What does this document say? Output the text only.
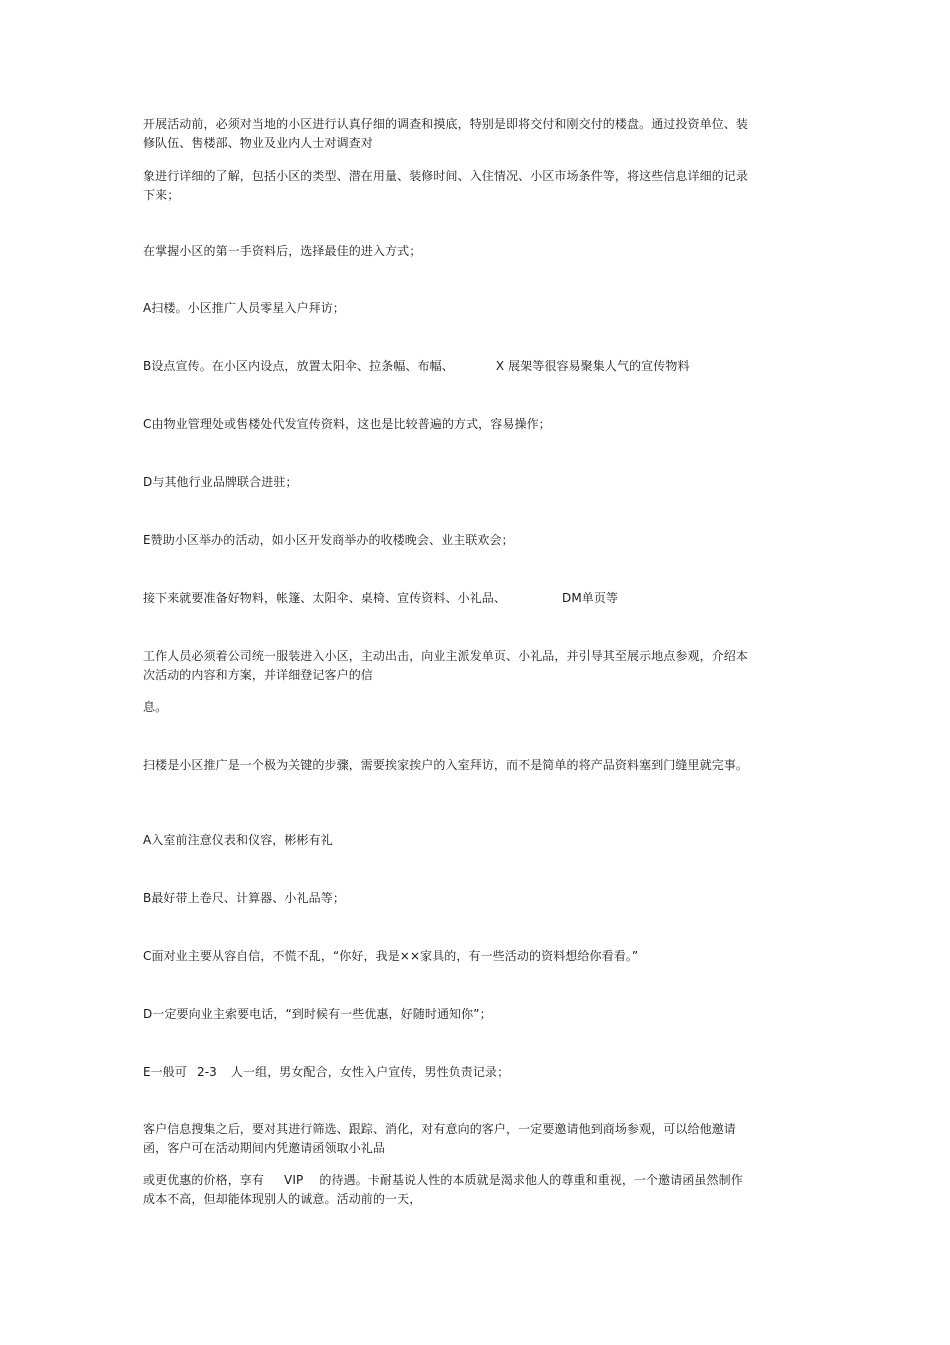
开展活动前，必须对当地的小区进行认真仔细的调查和摸底，特别是即将交付和刚交付的楼盘。通过投资单位、装修队伍、售楼部、物业及业内人士对调查对

象进行详细的了解，包括小区的类型、潜在用量、装修时间、入住情况、小区市场条件等，将这些信息详细的记录下来；

在掌握小区的第一手资料后，选择最佳的进入方式；

A扫楼。小区推广人员零星入户拜访；

B设点宣传。在小区内设点，放置太阳伞、拉条幅、布幅、	X 展架等很容易聚集人气的宣传物料

C由物业管理处或售楼处代发宣传资料，这也是比较普遍的方式，容易操作；

D与其他行业品牌联合进驻；

E赞助小区举办的活动，如小区开发商举办的收楼晚会、业主联欢会；

接下来就要准备好物料，帐篷、太阳伞、桌椅、宣传资料、小礼品、	DM单页等

工作人员必须着公司统一服装进入小区，主动出击，向业主派发单页、小礼品，并引导其至展示地点参观，介绍本次活动的内容和方案，并详细登记客户的信

息。

扫楼是小区推广是一个极为关键的步骤，需要挨家挨户的入室拜访，而不是简单的将产品资料塞到门缝里就完事。

A入室前注意仪表和仪容，彬彬有礼

B最好带上卷尺、计算器、小礼品等；

C面对业主要从容自信，不慌不乱，“你好，我是××家具的，有一些活动的资料想给你看看。”

D一定要向业主索要电话，“到时候有一些优惠，好随时通知你”；

E一般可 2-3 人一组，男女配合，女性入户宣传，男性负责记录；

客户信息搜集之后，要对其进行筛选、跟踪、消化，对有意向的客户，一定要邀请他到商场参观，可以给他邀请函，客户可在活动期间内凭邀请函领取小礼品

或更优惠的价格，享有 VIP 的待遇。卡耐基说人性的本质就是渴求他人的尊重和重视，一个邀请函虽然制作成本不高，但却能体现别人的诚意。活动前的一天，
